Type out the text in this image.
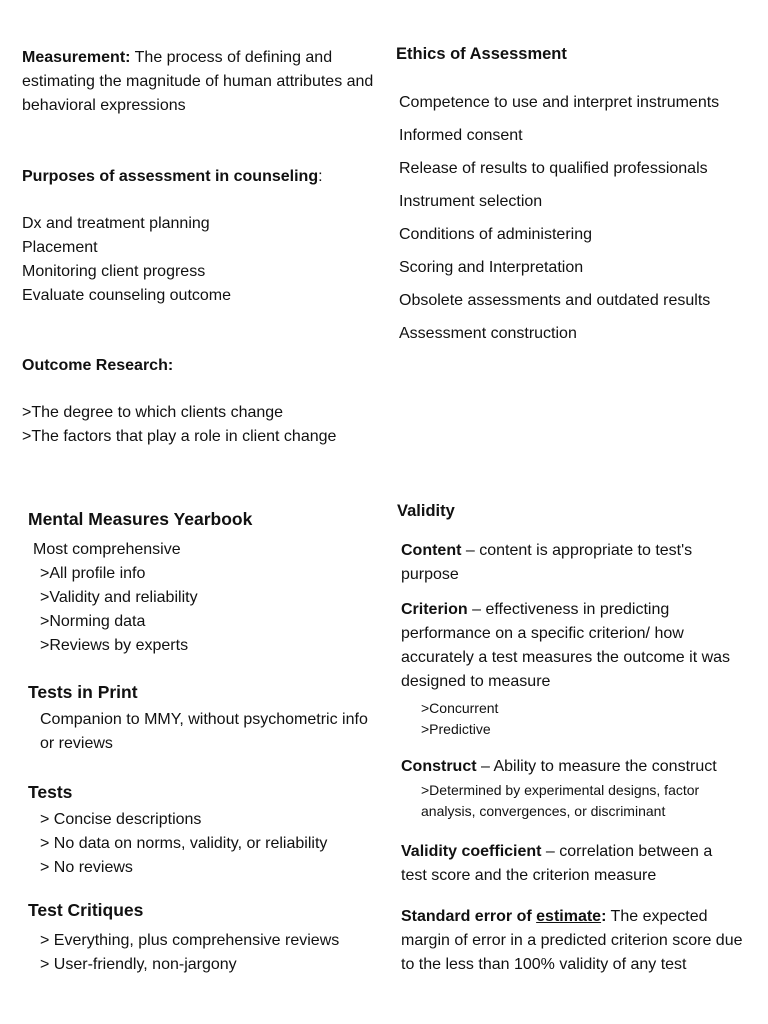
Measurement: The process of defining and estimating the magnitude of human attributes and behavioral expressions
Purposes of assessment in counseling:
Dx and treatment planning
Placement
Monitoring client progress
Evaluate counseling outcome
Outcome Research:
>The degree to which clients change
>The factors that play a role in client change
Ethics of Assessment
Competence to use and interpret instruments
Informed consent
Release of results to qualified professionals
Instrument selection
Conditions of administering
Scoring and Interpretation
Obsolete assessments and outdated results
Assessment construction
Mental Measures Yearbook
Most comprehensive
>All profile info
>Validity and reliability
>Norming data
>Reviews by experts
Tests in Print
Companion to MMY, without psychometric info or reviews
Tests
> Concise descriptions
> No data on norms, validity, or reliability
> No reviews
Test Critiques
> Everything, plus comprehensive reviews
> User-friendly, non-jargony
Validity
Content – content is appropriate to test's purpose
Criterion – effectiveness in predicting performance on a specific criterion/ how accurately a test measures the outcome it was designed to measure
>Concurrent
>Predictive
Construct – Ability to measure the construct
>Determined by experimental designs, factor analysis, convergences, or discriminant
Validity coefficient – correlation between a test score and the criterion measure
Standard error of estimate: The expected margin of error in a predicted criterion score due to the less than 100% validity of any test
